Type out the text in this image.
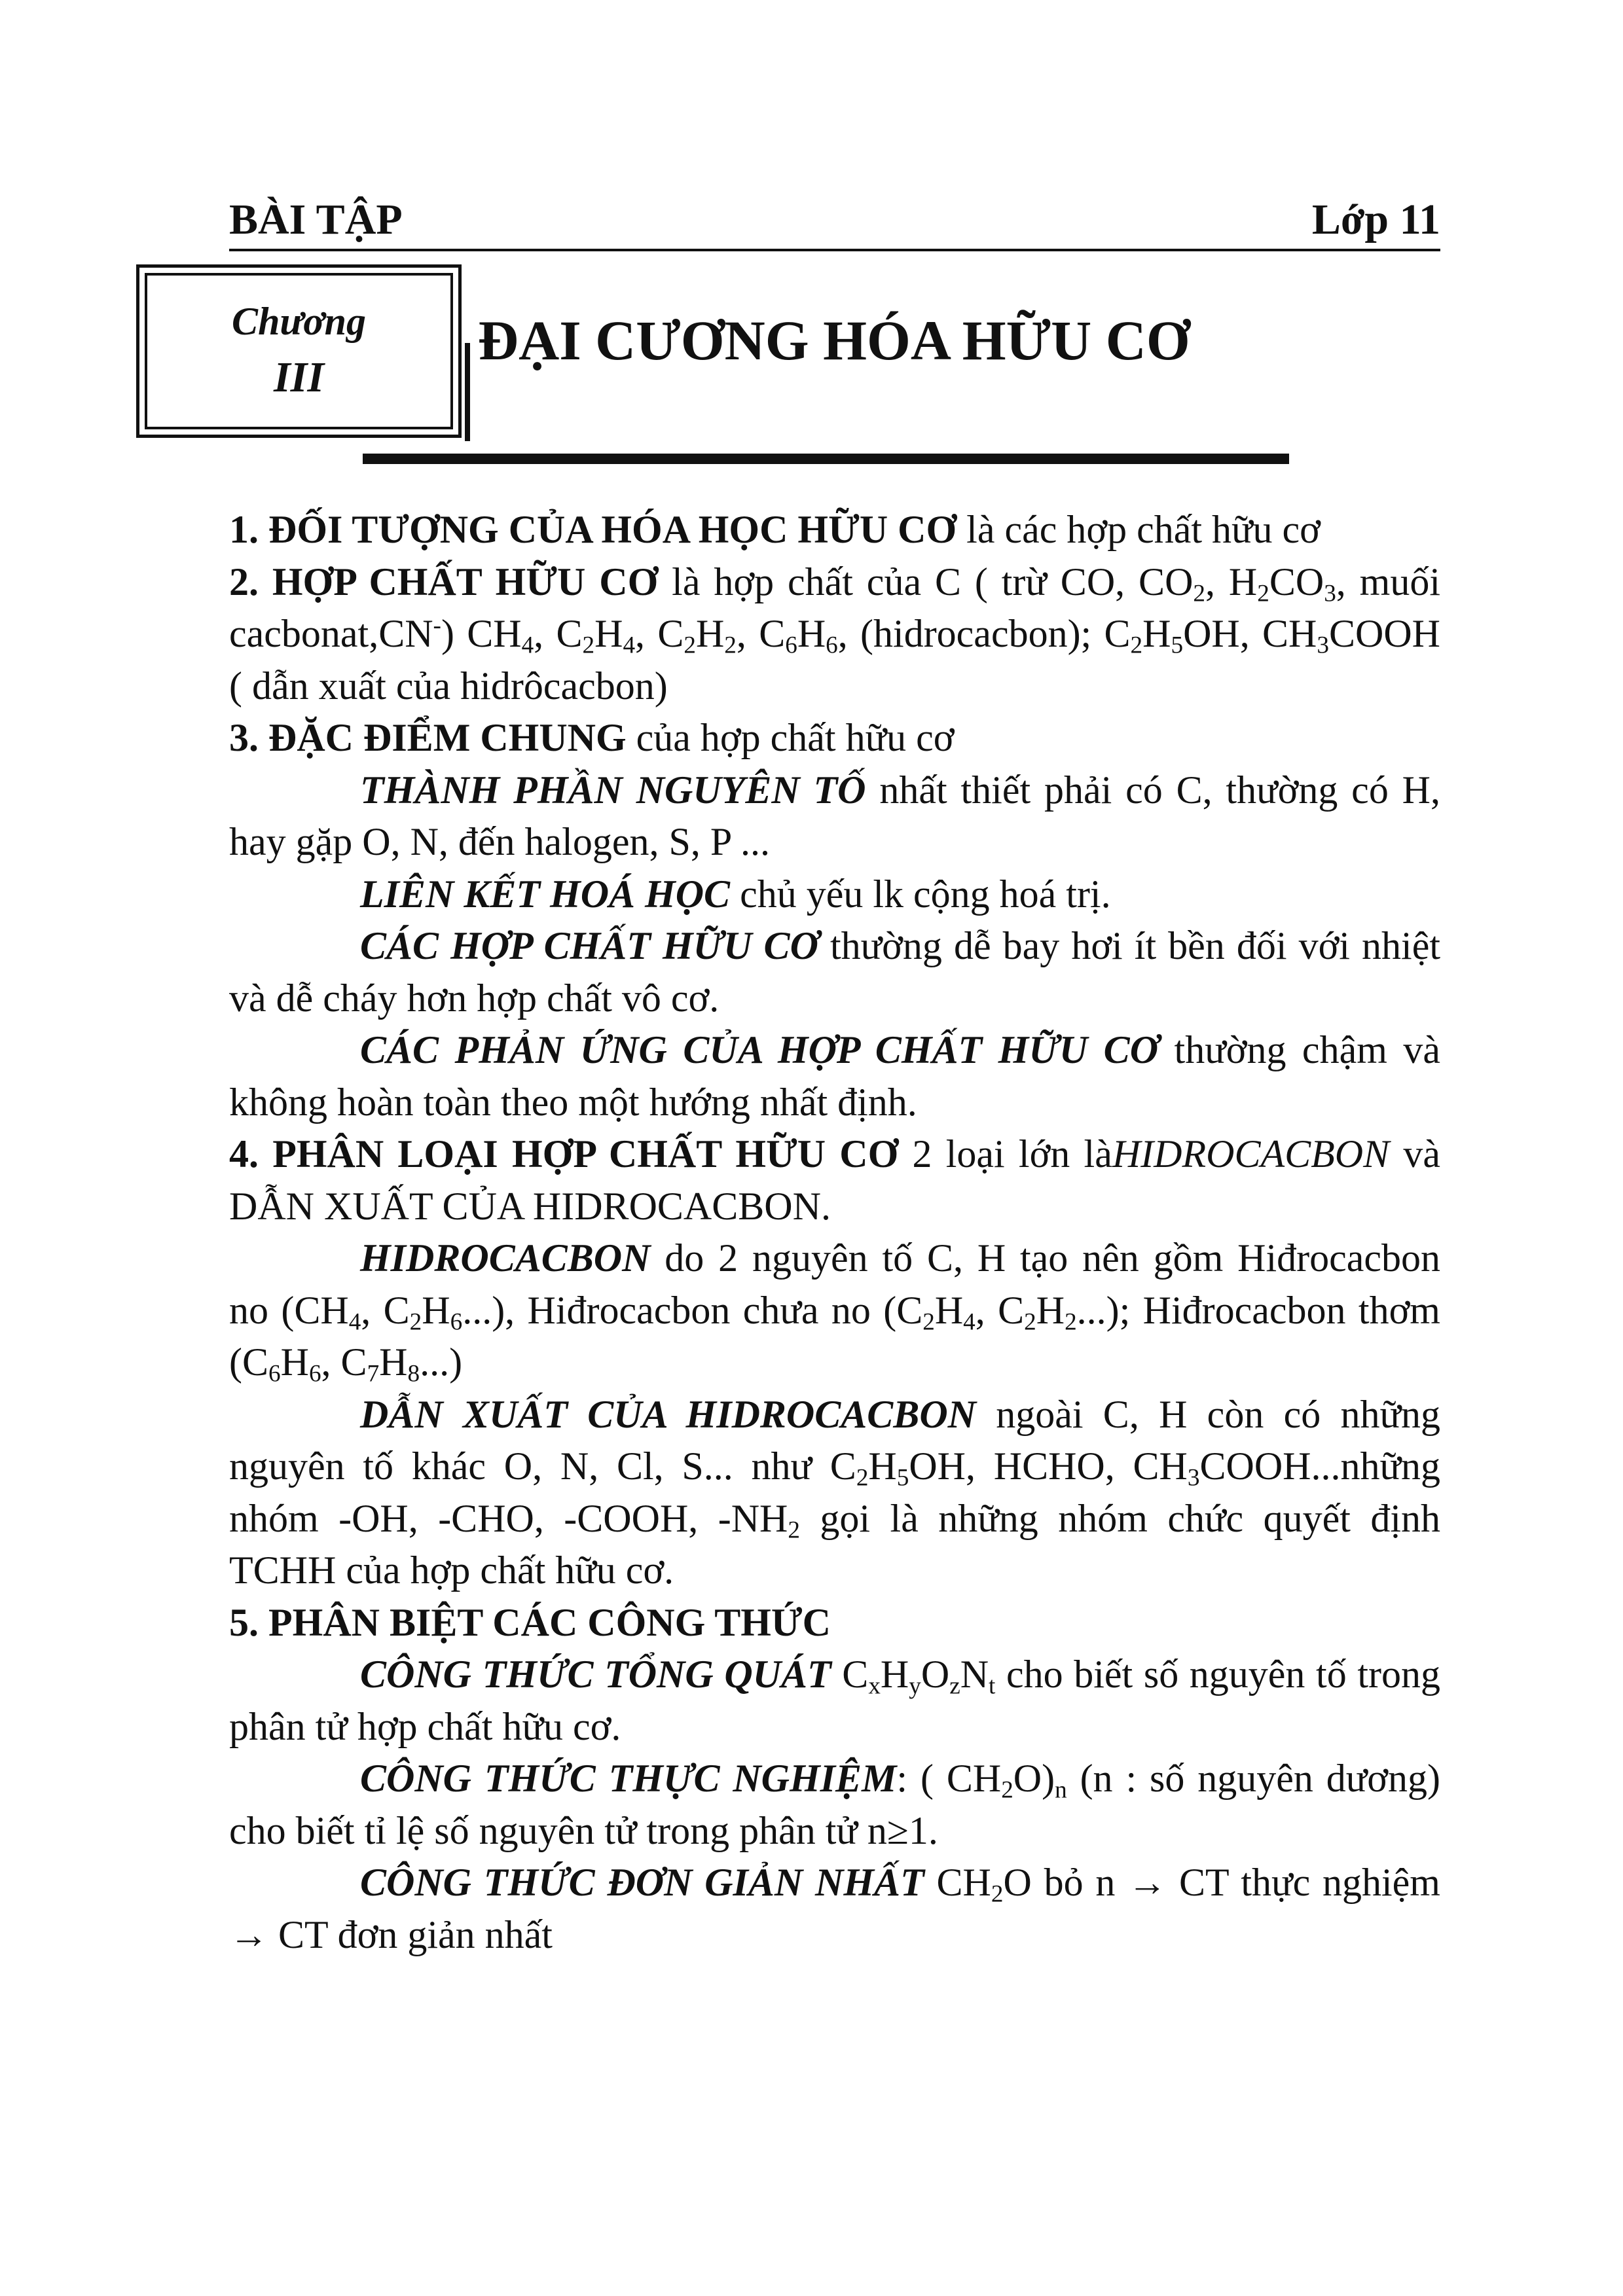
BÀI TẬP	Lớp 11
Chương
III
ĐẠI CƯƠNG HÓA HỮU CƠ

1. ĐỐI TƯỢNG CỦA HÓA HỌC HỮU CƠ là các hợp chất hữu cơ

2. HỢP CHẤT HỮU CƠ là hợp chất của C ( trừ CO, $CO_2$, $H_2CO_3$, muối cacbonat,CN-) $CH_4$, $C_2H_4$, $C_2H_2$, $C_6H_6$, (hidrocacbon); $C_2H_5OH$, $CH_3COOH$ ( dẫn xuất của hidrôcacbon)

3. ĐẶC ĐIỂM CHUNG của hợp chất hữu cơ

THÀNH PHẦN NGUYÊN TỐ nhất thiết phải có C, thường có H, hay gặp O, N, đến halogen, S, P ...

LIÊN KẾT HOÁ HỌC chủ yếu lk cộng hoá trị.

CÁC HỢP CHẤT HỮU CƠ thường dễ bay hơi ít bền đối với nhiệt và dễ cháy hơn hợp chất vô cơ.

CÁC PHẢN ỨNG CỦA HỢP CHẤT HỮU CƠ thường chậm và không hoàn toàn theo một hướng nhất định.

4. PHÂN LOẠI HỢP CHẤT HỮU CƠ 2 loại lớn làHIDROCACBON và DẪN XUẤT CỦA HIDROCACBON.

HIDROCACBON do 2 nguyên tố C, H tạo nên gồm Hiđrocacbon no ($CH_4$, $C_2H_6$...), Hiđrocacbon chưa no ($C_2H_4$, $C_2H_2$...); Hiđrocacbon thơm ($C_6H_6$, $C_7H_8$...)

DẪN XUẤT CỦA HIDROCACBON ngoài C, H còn có những nguyên tố khác O, N, Cl, S... như $C_2H_5OH$, HCHO, $CH_3COOH...những$ nhóm -OH, -CHO, -COOH, $-NH_2$ gọi là những nhóm chức quyết định TCHH của hợp chất hữu cơ.

5. PHÂN BIỆT CÁC CÔNG THỨC

CÔNG THỨC TỔNG QUÁT $C_xH_yO_zN_t$ cho biết số nguyên tố trong phân tử hợp chất hữu cơ.

CÔNG THỨC THỰC NGHIỆM: ( $CH_2O)_n$ (n : số nguyên dương) cho biết tỉ lệ số nguyên tử trong phân tử n≥1.

CÔNG THỨC ĐƠN GIẢN NHẤT $CH_2O$ bỏ n → CT thực nghiệm → CT đơn giản nhất
